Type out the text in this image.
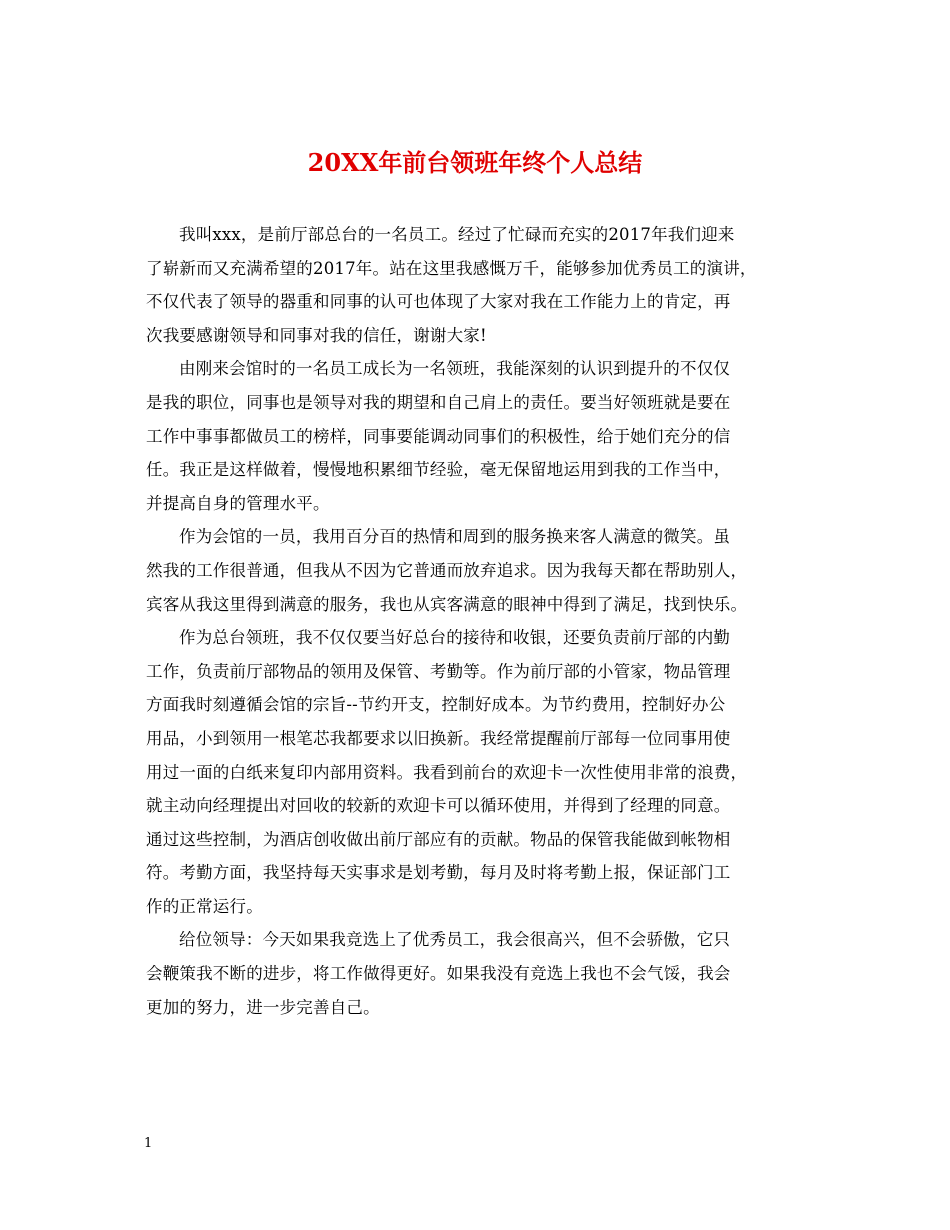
20XX年前台领班年终个人总结
我叫xxx，是前厅部总台的一名员工。经过了忙碌而充实的2017年我们迎来
了崭新而又充满希望的2017年。站在这里我感慨万千，能够参加优秀员工的演讲，
不仅代表了领导的器重和同事的认可也体现了大家对我在工作能力上的肯定，再
次我要感谢领导和同事对我的信任，谢谢大家!
由刚来会馆时的一名员工成长为一名领班，我能深刻的认识到提升的不仅仅
是我的职位，同事也是领导对我的期望和自己肩上的责任。要当好领班就是要在
工作中事事都做员工的榜样，同事要能调动同事们的积极性，给于她们充分的信
任。我正是这样做着，慢慢地积累细节经验，毫无保留地运用到我的工作当中，
并提高自身的管理水平。
作为会馆的一员，我用百分百的热情和周到的服务换来客人满意的微笑。虽
然我的工作很普通，但我从不因为它普通而放弃追求。因为我每天都在帮助别人，
宾客从我这里得到满意的服务，我也从宾客满意的眼神中得到了满足，找到快乐。
作为总台领班，我不仅仅要当好总台的接待和收银，还要负责前厅部的内勤
工作，负责前厅部物品的领用及保管、考勤等。作为前厅部的小管家，物品管理
方面我时刻遵循会馆的宗旨--节约开支，控制好成本。为节约费用，控制好办公
用品，小到领用一根笔芯我都要求以旧换新。我经常提醒前厅部每一位同事用使
用过一面的白纸来复印内部用资料。我看到前台的欢迎卡一次性使用非常的浪费，
就主动向经理提出对回收的较新的欢迎卡可以循环使用，并得到了经理的同意。
通过这些控制，为酒店创收做出前厅部应有的贡献。物品的保管我能做到帐物相
符。考勤方面，我坚持每天实事求是划考勤，每月及时将考勤上报，保证部门工
作的正常运行。
给位领导：今天如果我竞选上了优秀员工，我会很高兴，但不会骄傲，它只
会鞭策我不断的进步，将工作做得更好。如果我没有竞选上我也不会气馁，我会
更加的努力，进一步完善自己。
1
